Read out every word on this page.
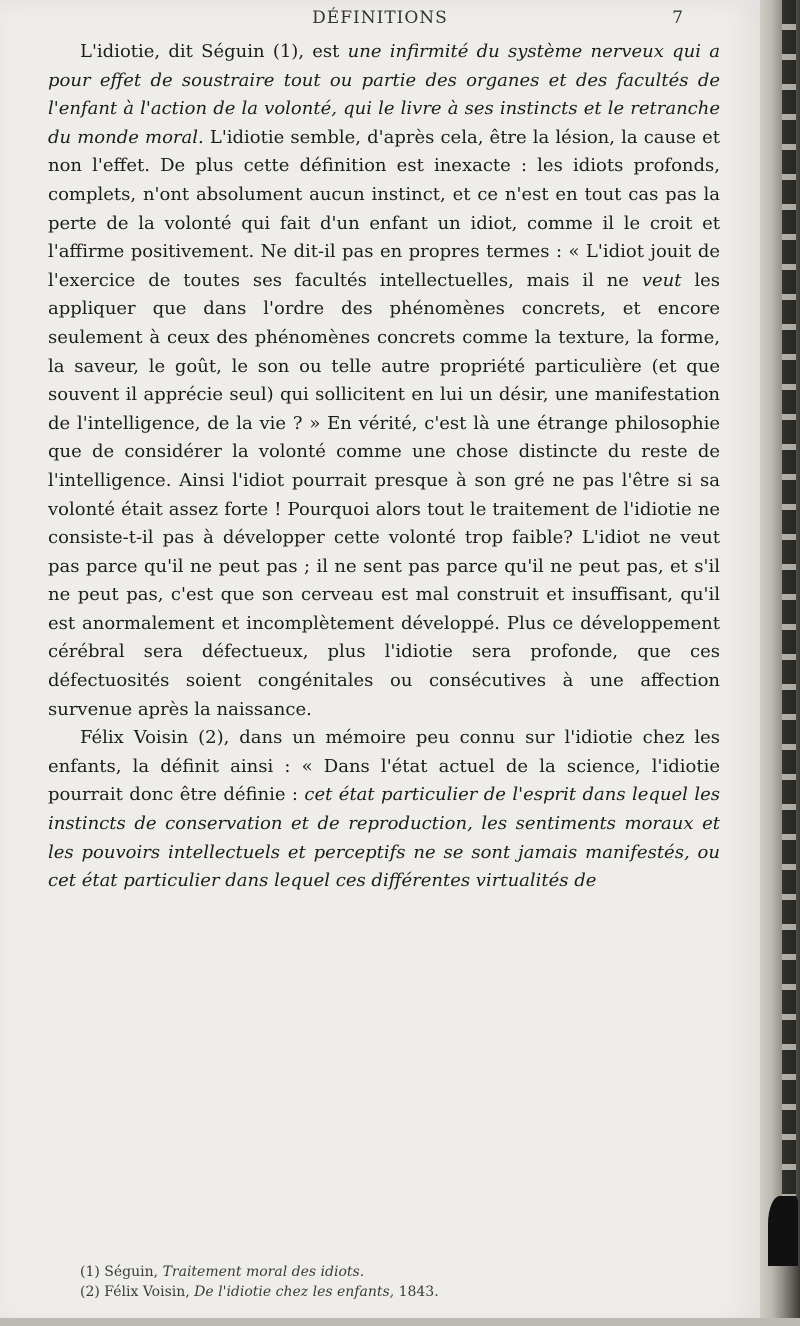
DÉFINITIONS	7

L'idiotie, dit Séguin (1), est une infirmité du système nerveux qui a pour effet de soustraire tout ou partie des organes et des facultés de l'enfant à l'action de la volonté, qui le livre à ses instincts et le retranche du monde moral. L'idiotie semble, d'après cela, être la lésion, la cause et non l'effet. De plus cette définition est inexacte : les idiots profonds, complets, n'ont absolument aucun instinct, et ce n'est en tout cas pas la perte de la volonté qui fait d'un enfant un idiot, comme il le croit et l'affirme positivement. Ne dit-il pas en propres termes : « L'idiot jouit de l'exercice de toutes ses facultés intellectuelles, mais il ne veut les appliquer que dans l'ordre des phénomènes concrets, et encore seulement à ceux des phénomènes concrets comme la texture, la forme, la saveur, le goût, le son ou telle autre propriété particulière (et que souvent il apprécie seul) qui sollicitent en lui un désir, une manifestation de l'intelligence, de la vie ? » En vérité, c'est là une étrange philosophie que de considérer la volonté comme une chose distincte du reste de l'intelligence. Ainsi l'idiot pourrait presque à son gré ne pas l'être si sa volonté était assez forte ! Pourquoi alors tout le traitement de l'idiotie ne consiste-t-il pas à développer cette volonté trop faible? L'idiot ne veut pas parce qu'il ne peut pas ; il ne sent pas parce qu'il ne peut pas, et s'il ne peut pas, c'est que son cerveau est mal construit et insuffisant, qu'il est anormalement et incomplètement développé. Plus ce développement cérébral sera défectueux, plus l'idiotie sera profonde, que ces défectuosités soient congénitales ou consécutives à une affection survenue après la naissance.

Félix Voisin (2), dans un mémoire peu connu sur l'idiotie chez les enfants, la définit ainsi : « Dans l'état actuel de la science, l'idiotie pourrait donc être définie : cet état particulier de l'esprit dans lequel les instincts de conservation et de reproduction, les sentiments moraux et les pouvoirs intellectuels et perceptifs ne se sont jamais manifestés, ou cet état particulier dans lequel ces différentes virtualités de

(1) Séguin, Traitement moral des idiots.
(2) Félix Voisin, De l'idiotie chez les enfants, 1843.
